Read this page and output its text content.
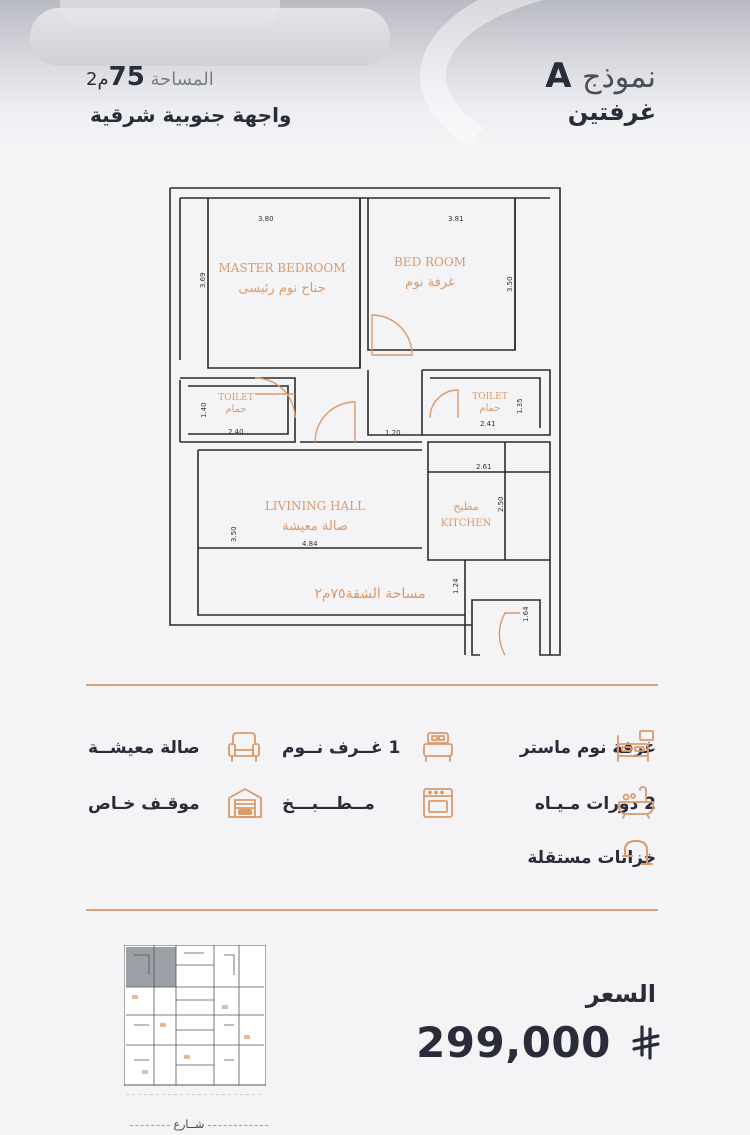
نموذج A
غرفتين
المساحة 75م2
واجهة جنوبية شرقية
MASTER BEDROOM
جناح نوم رئيسى
BED ROOM
غرفة نوم
TOILET
حمام
TOILET
حمام
LIVINING HALL
صالة معيشة
مطبخ
KITCHEN
مساحة الشقة٧٥م٢
3.80	3.81
3.69	3.50
1.40
2.40	1.20
2.41
1.35
2.61
2.50
3.50
4.84
1.24
1.64
غرفة نوم ماستر
1 غــرف نــوم
صالة معيشــة
2 دورات مـيـاه
مــطـــبـــخ
موقـف خـاص
خزانات مستقلة
شــارع
السعر
299,000
